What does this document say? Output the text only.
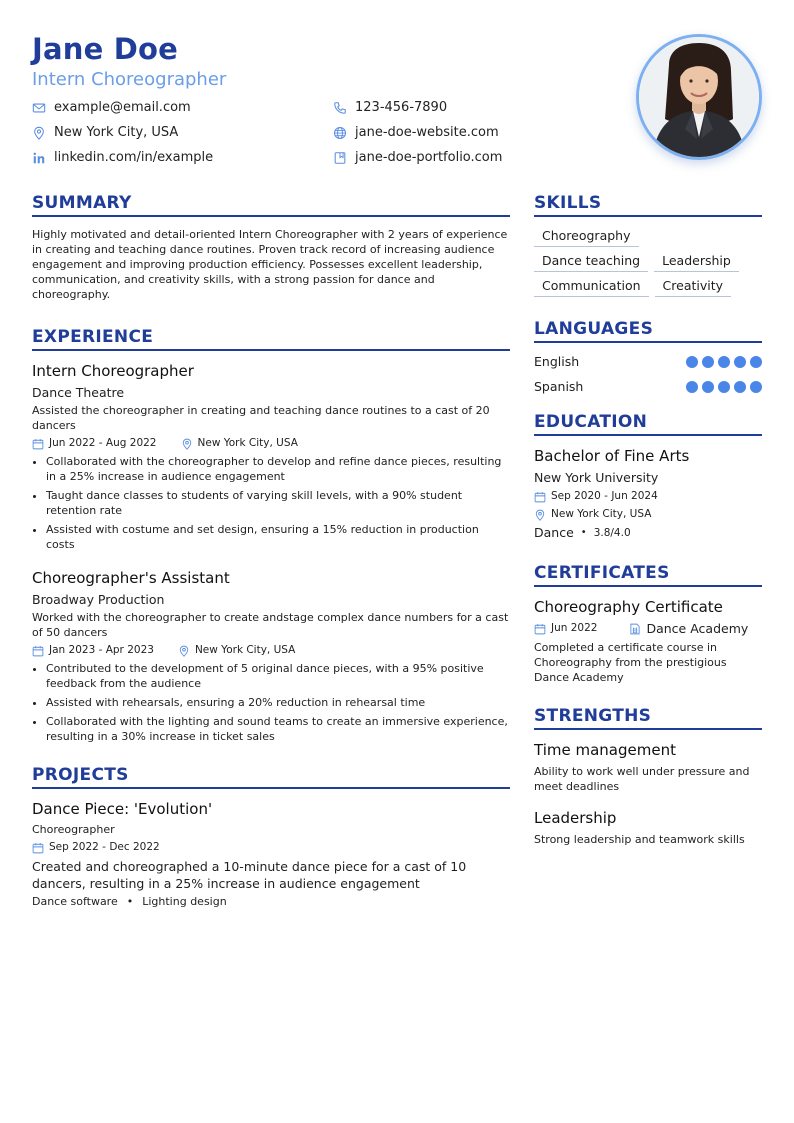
Jane Doe
Intern Choreographer
example@email.com	123-456-7890
New York City, USA	jane-doe-website.com
linkedin.com/in/example	jane-doe-portfolio.com
SUMMARY

Highly motivated and detail-oriented Intern Choreographer with 2 years of experience in creating and teaching dance routines. Proven track record of increasing audience engagement and improving production efficiency. Possesses excellent leadership, communication, and creativity skills, with a strong passion for dance and choreography.

EXPERIENCE
Intern Choreographer
Dance Theatre
Assisted the choreographer in creating and teaching dance routines to a cast of 20 dancers
Jun 2022 - Aug 2022	New York City, USA
• Collaborated with the choreographer to develop and refine dance pieces, resulting in a 25% increase in audience engagement
• Taught dance classes to students of varying skill levels, with a 90% student retention rate
• Assisted with costume and set design, ensuring a 15% reduction in production costs
Choreographer's Assistant
Broadway Production
Worked with the choreographer to create andstage complex dance numbers for a cast of 50 dancers
Jan 2023 - Apr 2023	New York City, USA
• Contributed to the development of 5 original dance pieces, with a 95% positive feedback from the audience
• Assisted with rehearsals, ensuring a 20% reduction in rehearsal time
• Collaborated with the lighting and sound teams to create an immersive experience, resulting in a 30% increase in ticket sales
PROJECTS
Dance Piece: 'Evolution'
Choreographer
Sep 2022 - Dec 2022
Created and choreographed a 10-minute dance piece for a cast of 10 dancers, resulting in a 25% increase in audience engagement
Dance software • Lighting design
SKILLS
Choreography
Dance teaching	Leadership
Communication	Creativity
LANGUAGES
English
Spanish
EDUCATION
Bachelor of Fine Arts
New York University
Sep 2020 - Jun 2024
New York City, USA
Dance • 3.8/4.0
CERTIFICATES
Choreography Certificate
Jun 2022	Dance Academy
Completed a certificate course in Choreography from the prestigious Dance Academy
STRENGTHS
Time management
Ability to work well under pressure and meet deadlines
Leadership
Strong leadership and teamwork skills
